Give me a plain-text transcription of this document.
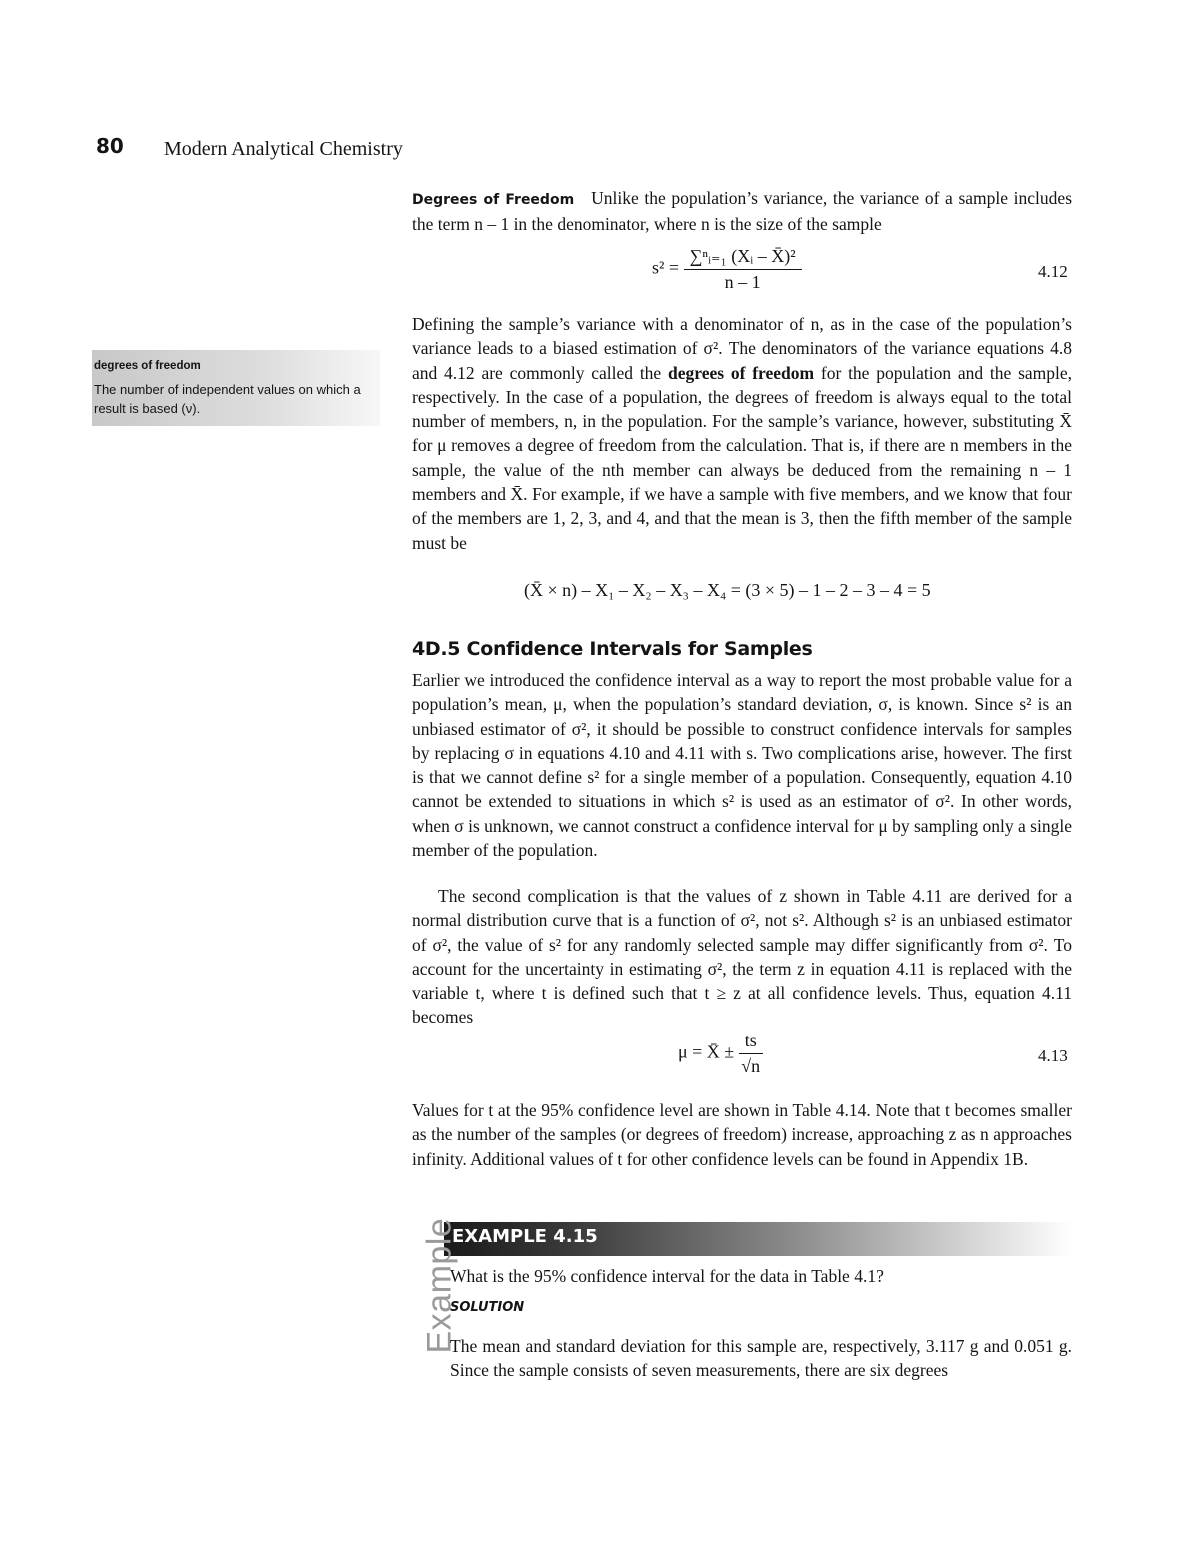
80 Modern Analytical Chemistry
degrees of freedom
The number of independent values on which a result is based (ν).

Degrees of Freedom Unlike the population’s variance, the variance of a sample includes the term n – 1 in the denominator, where n is the size of the sample

$s^2 = \frac{\text{∑ⁿᵢ₌₁ (Xᵢ – X̄)²}}{n - 1}$	4.12

Defining the sample’s variance with a denominator of n, as in the case of the population’s variance leads to a biased estimation of σ². The denominators of the variance equations 4.8 and 4.12 are commonly called the degrees of freedom for the population and the sample, respectively. In the case of a population, the degrees of freedom is always equal to the total number of members, n, in the population. For the sample’s variance, however, substituting X̄ for μ removes a degree of freedom from the calculation. That is, if there are n members in the sample, the value of the nth member can always be deduced from the remaining n – 1 members and X̄. For example, if we have a sample with five members, and we know that four of the members are 1, 2, 3, and 4, and that the mean is 3, then the fifth member of the sample must be

(X̄ × n) – X₁ – X₂ – X₃ – X₄ = (3 × 5) – 1 – 2 – 3 – 4 = 5
4D.5 Confidence Intervals for Samples
Earlier we introduced the confidence interval as a way to report the most probable value for a population’s mean, μ, when the population’s standard deviation, σ, is known. Since s² is an unbiased estimator of σ², it should be possible to construct confidence intervals for samples by replacing σ in equations 4.10 and 4.11 with s. Two complications arise, however. The first is that we cannot define s² for a single member of a population. Consequently, equation 4.10 cannot be extended to situations in which s² is used as an estimator of σ². In other words, when σ is unknown, we cannot construct a confidence interval for μ by sampling only a single member of the population.
The second complication is that the values of z shown in Table 4.11 are derived for a normal distribution curve that is a function of σ², not s². Although s² is an unbiased estimator of σ², the value of s² for any randomly selected sample may differ significantly from σ². To account for the uncertainty in estimating σ², the term z in equation 4.11 is replaced with the variable t, where t is defined such that t ≥ z at all confidence levels. Thus, equation 4.11 becomes
μ = X̄ ± $\frac{ts}{√n}$	4.13
Values for t at the 95% confidence level are shown in Table 4.14. Note that t becomes smaller as the number of the samples (or degrees of freedom) increase, approaching z as n approaches infinity. Additional values of t for other confidence levels can be found in Appendix 1B.
EXAMPLE 4.15
Example
What is the 95% confidence interval for the data in Table 4.1?
SOLUTION
The mean and standard deviation for this sample are, respectively, 3.117 g and 0.051 g. Since the sample consists of seven measurements, there are six degrees
